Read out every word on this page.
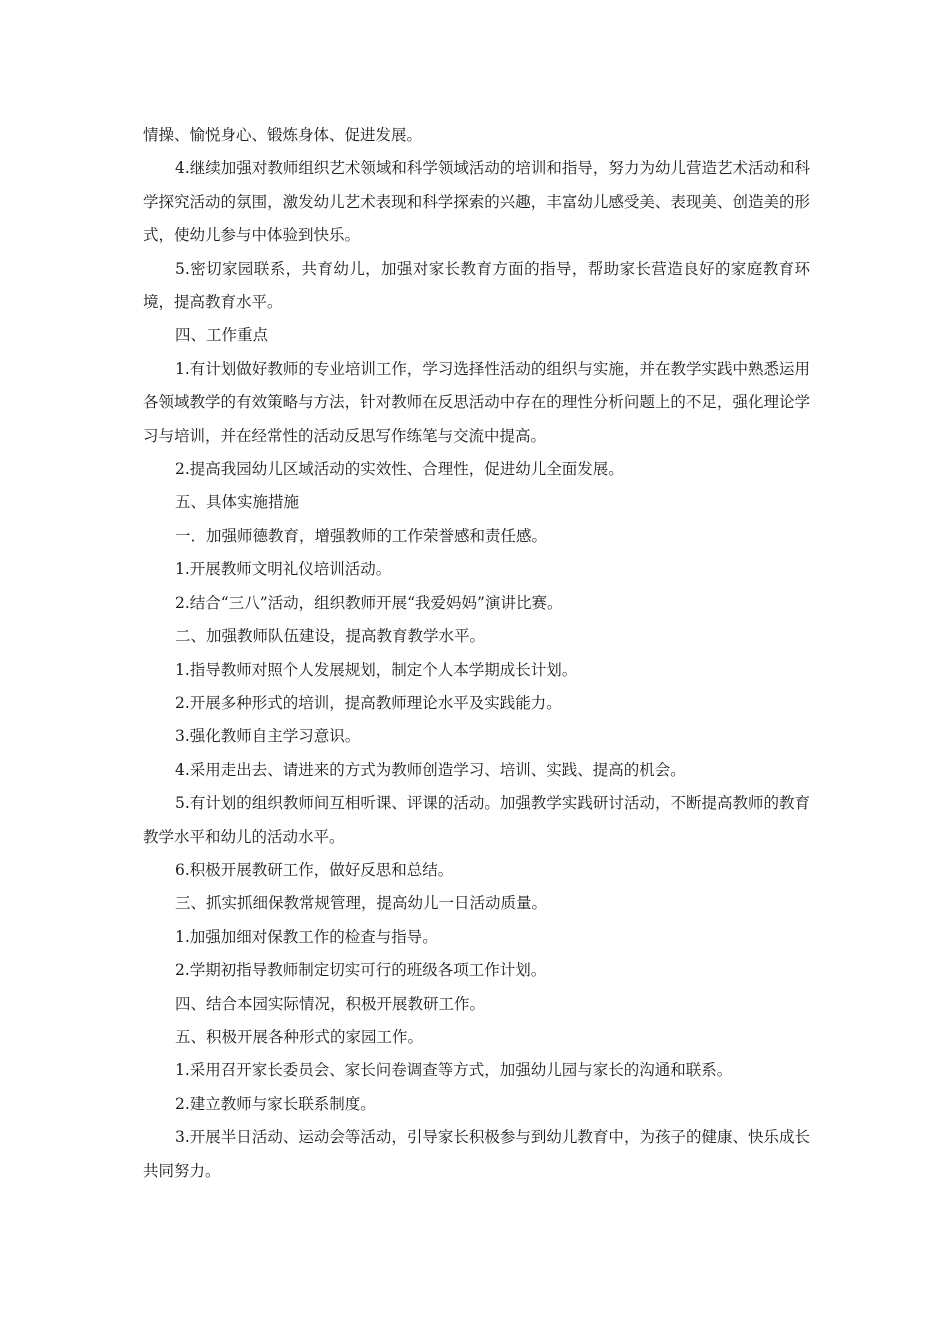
情操、愉悦身心、锻炼身体、促进发展。

4.继续加强对教师组织艺术领域和科学领域活动的培训和指导，努力为幼儿营造艺术活动和科学探究活动的氛围，激发幼儿艺术表现和科学探索的兴趣，丰富幼儿感受美、表现美、创造美的形式，使幼儿参与中体验到快乐。

5.密切家园联系，共育幼儿，加强对家长教育方面的指导，帮助家长营造良好的家庭教育环境，提高教育水平。

四、工作重点

1.有计划做好教师的专业培训工作，学习选择性活动的组织与实施，并在教学实践中熟悉运用各领域教学的有效策略与方法，针对教师在反思活动中存在的理性分析问题上的不足，强化理论学习与培训，并在经常性的活动反思写作练笔与交流中提高。

2.提高我园幼儿区域活动的实效性、合理性，促进幼儿全面发展。

五、具体实施措施

一．加强师德教育，增强教师的工作荣誉感和责任感。

1.开展教师文明礼仪培训活动。

2.结合“三八”活动，组织教师开展“我爱妈妈”演讲比赛。

二、加强教师队伍建设，提高教育教学水平。

1.指导教师对照个人发展规划，制定个人本学期成长计划。

2.开展多种形式的培训，提高教师理论水平及实践能力。

3.强化教师自主学习意识。

4.采用走出去、请进来的方式为教师创造学习、培训、实践、提高的机会。

5.有计划的组织教师间互相听课、评课的活动。加强教学实践研讨活动，不断提高教师的教育教学水平和幼儿的活动水平。

6.积极开展教研工作，做好反思和总结。

三、抓实抓细保教常规管理，提高幼儿一日活动质量。

1.加强加细对保教工作的检查与指导。

2.学期初指导教师制定切实可行的班级各项工作计划。

四、结合本园实际情况，积极开展教研工作。

五、积极开展各种形式的家园工作。

1.采用召开家长委员会、家长问卷调查等方式，加强幼儿园与家长的沟通和联系。

2.建立教师与家长联系制度。

3.开展半日活动、运动会等活动，引导家长积极参与到幼儿教育中，为孩子的健康、快乐成长共同努力。
